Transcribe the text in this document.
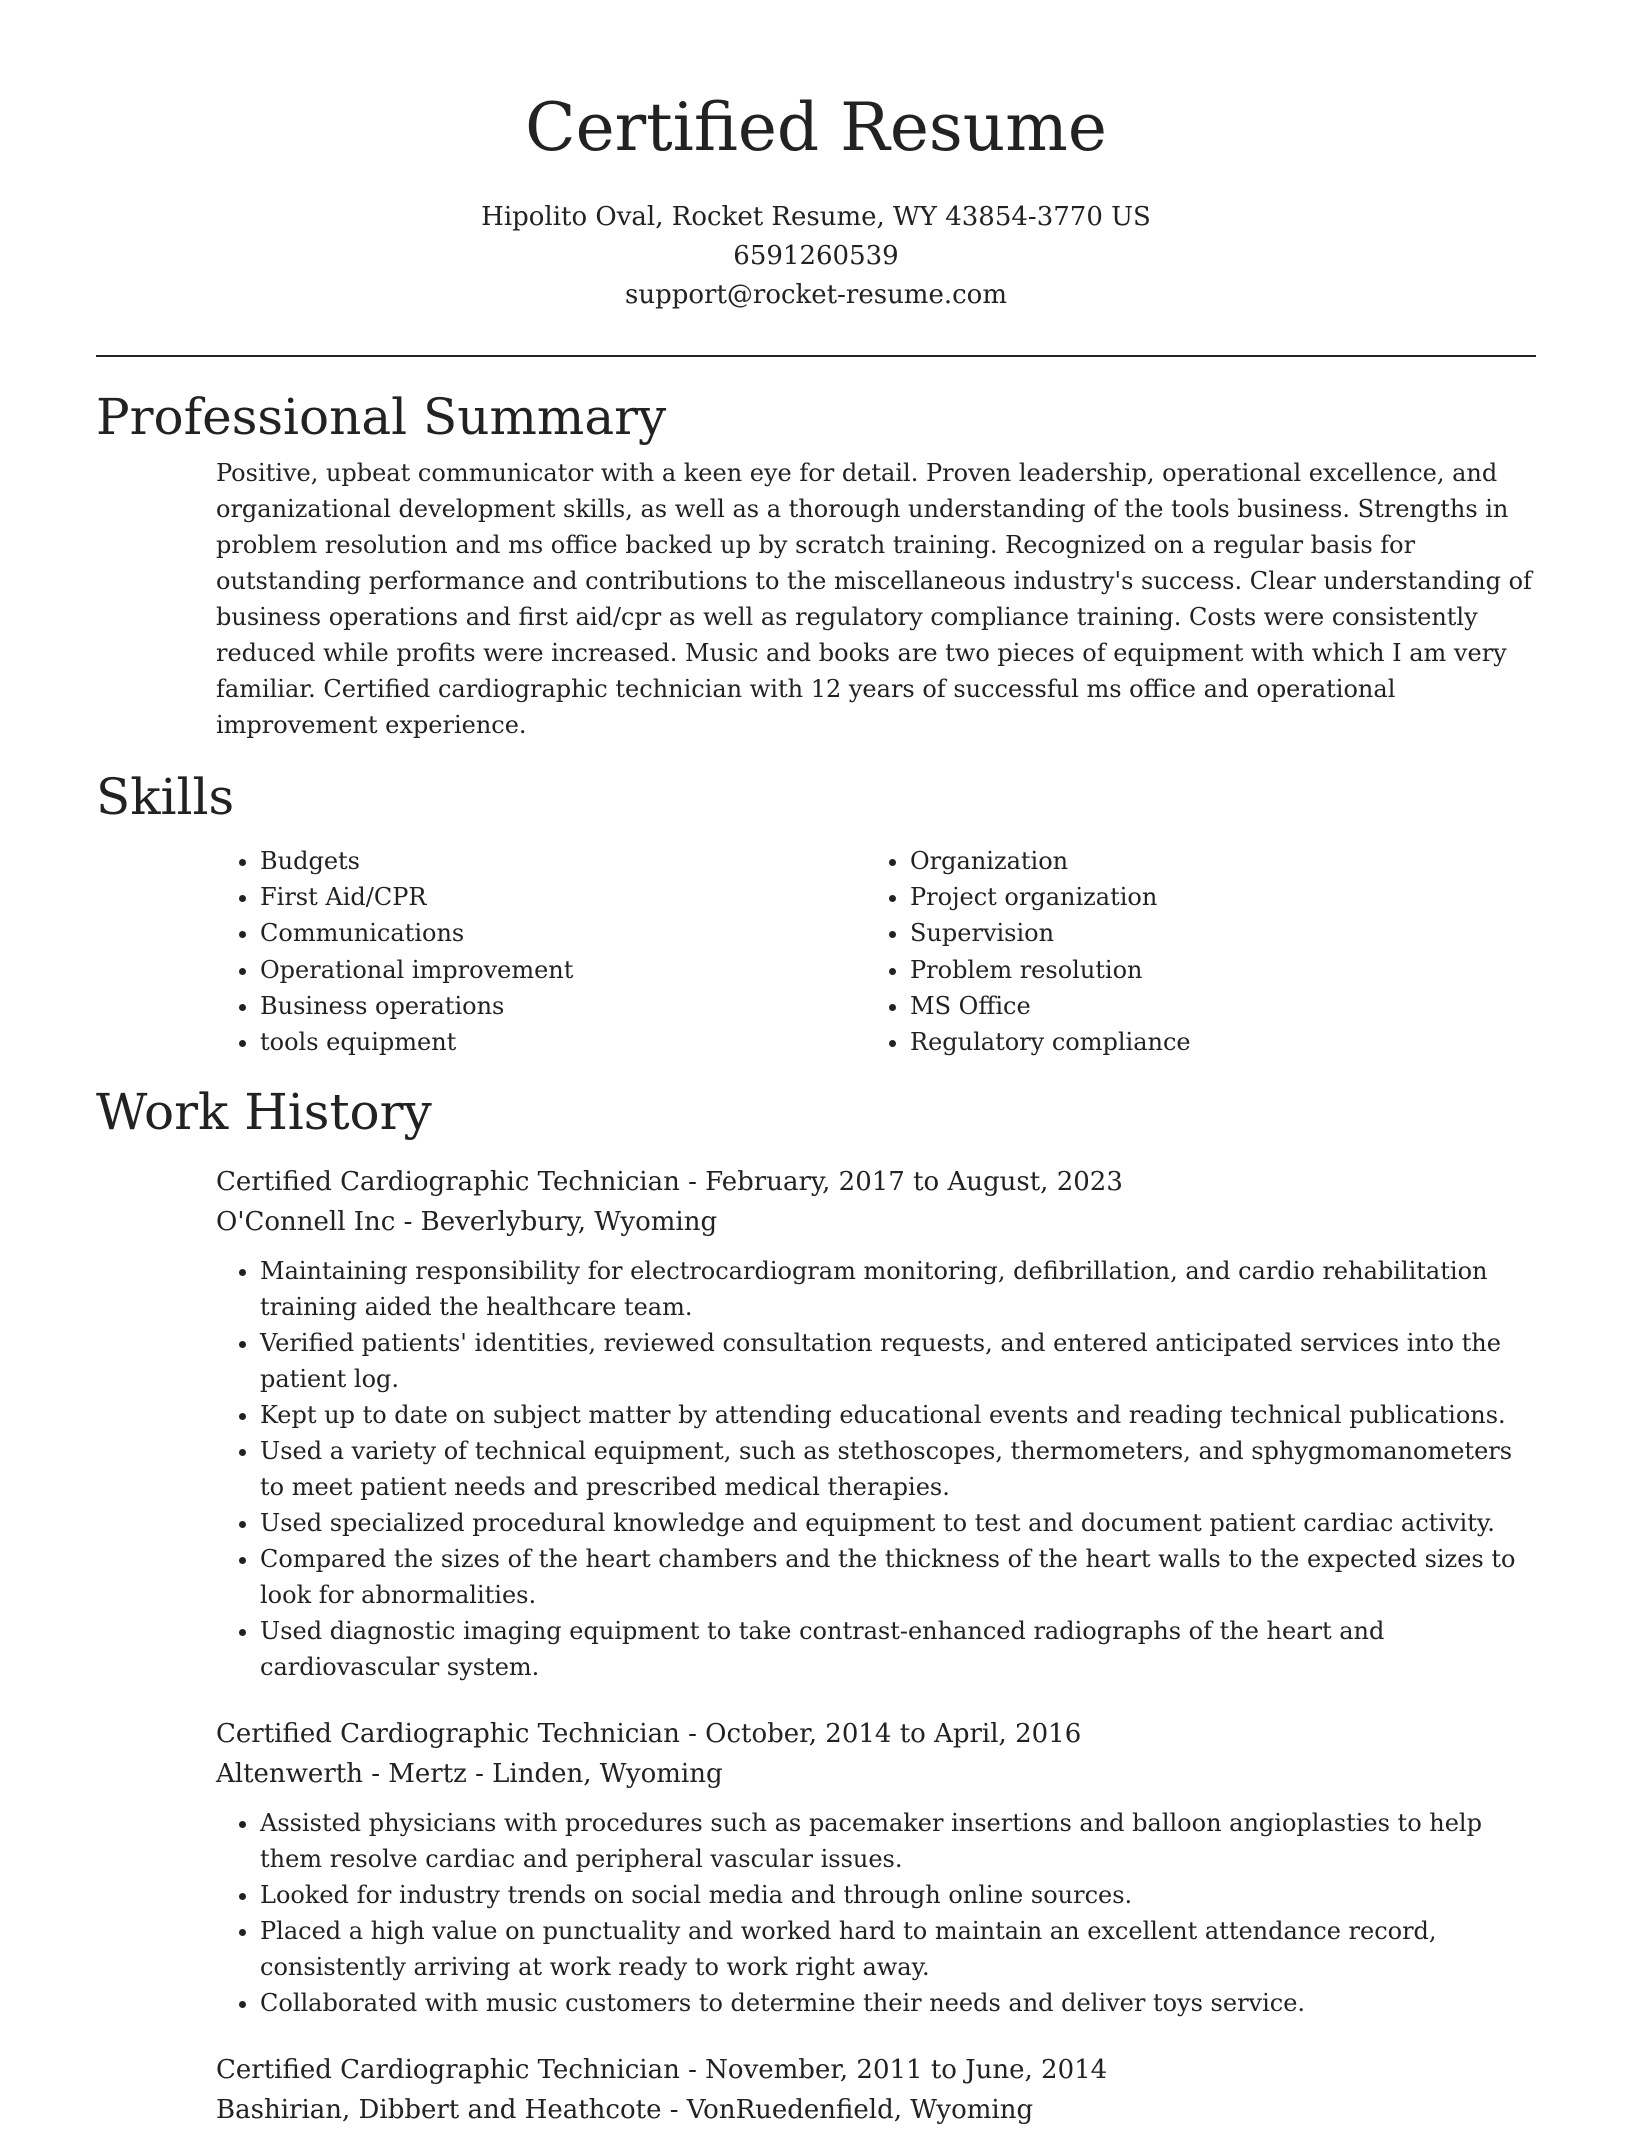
Certified Resume

Hipolito Oval, Rocket Resume, WY 43854-3770 US

6591260539

support@rocket-resume.com

Professional Summary

Positive, upbeat communicator with a keen eye for detail. Proven leadership, operational excellence, and organizational development skills, as well as a thorough understanding of the tools business. Strengths in problem resolution and ms office backed up by scratch training. Recognized on a regular basis for outstanding performance and contributions to the miscellaneous industry's success. Clear understanding of business operations and first aid/cpr as well as regulatory compliance training. Costs were consistently reduced while profits were increased. Music and books are two pieces of equipment with which I am very familiar. Certified cardiographic technician with 12 years of successful ms office and operational improvement experience.

Skills
• Budgets
• First Aid/CPR
• Communications
• Operational improvement
• Business operations
• tools equipment
• Organization
• Project organization
• Supervision
• Problem resolution
• MS Office
• Regulatory compliance
Work History

Certified Cardiographic Technician - February, 2017 to August, 2023

O'Connell Inc - Beverlybury, Wyoming

• Maintaining responsibility for electrocardiogram monitoring, defibrillation, and cardio rehabilitation training aided the healthcare team.
• Verified patients' identities, reviewed consultation requests, and entered anticipated services into the patient log.
• Kept up to date on subject matter by attending educational events and reading technical publications.
• Used a variety of technical equipment, such as stethoscopes, thermometers, and sphygmomanometers to meet patient needs and prescribed medical therapies.
• Used specialized procedural knowledge and equipment to test and document patient cardiac activity.
• Compared the sizes of the heart chambers and the thickness of the heart walls to the expected sizes to look for abnormalities.
• Used diagnostic imaging equipment to take contrast-enhanced radiographs of the heart and cardiovascular system.

Certified Cardiographic Technician - October, 2014 to April, 2016

Altenwerth - Mertz - Linden, Wyoming

• Assisted physicians with procedures such as pacemaker insertions and balloon angioplasties to help them resolve cardiac and peripheral vascular issues.
• Looked for industry trends on social media and through online sources.
• Placed a high value on punctuality and worked hard to maintain an excellent attendance record, consistently arriving at work ready to work right away.
• Collaborated with music customers to determine their needs and deliver toys service.

Certified Cardiographic Technician - November, 2011 to June, 2014

Bashirian, Dibbert and Heathcote - VonRuedenfield, Wyoming
